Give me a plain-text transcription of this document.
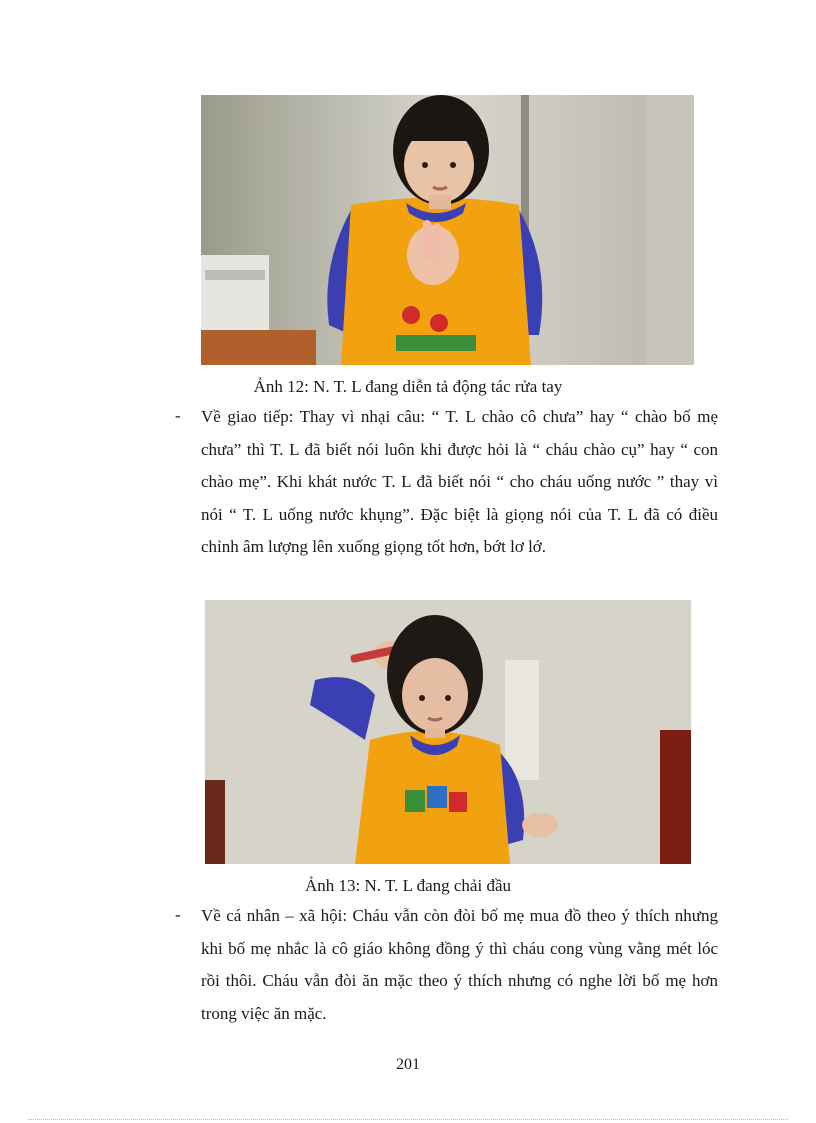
Ảnh 12: N. T. L đang diễn tả động tác rửa tay
- Về giao tiếp: Thay vì nhại câu: “ T. L chào cô chưa” hay “ chào bố mẹ chưa” thì T. L đã biết nói luôn khi được hỏi là “ cháu chào cụ” hay “ con chào mẹ”. Khi khát nước T. L đã biết nói “ cho cháu uống nước ” thay vì nói “ T. L uống nước khụng”. Đặc biệt là giọng nói của T. L đã có điều chỉnh âm lượng lên xuống giọng tốt hơn, bớt lơ lớ.
Ảnh 13: N. T. L đang chải đầu
- Về cá nhân – xã hội: Cháu vẫn còn đòi bố mẹ mua đồ theo ý thích nhưng khi bố mẹ nhắc là cô giáo không đồng ý thì cháu cong vùng vằng mét lóc rồi thôi. Cháu vẫn đòi ăn mặc theo ý thích nhưng có nghe lời bố mẹ hơn trong việc ăn mặc.
201
